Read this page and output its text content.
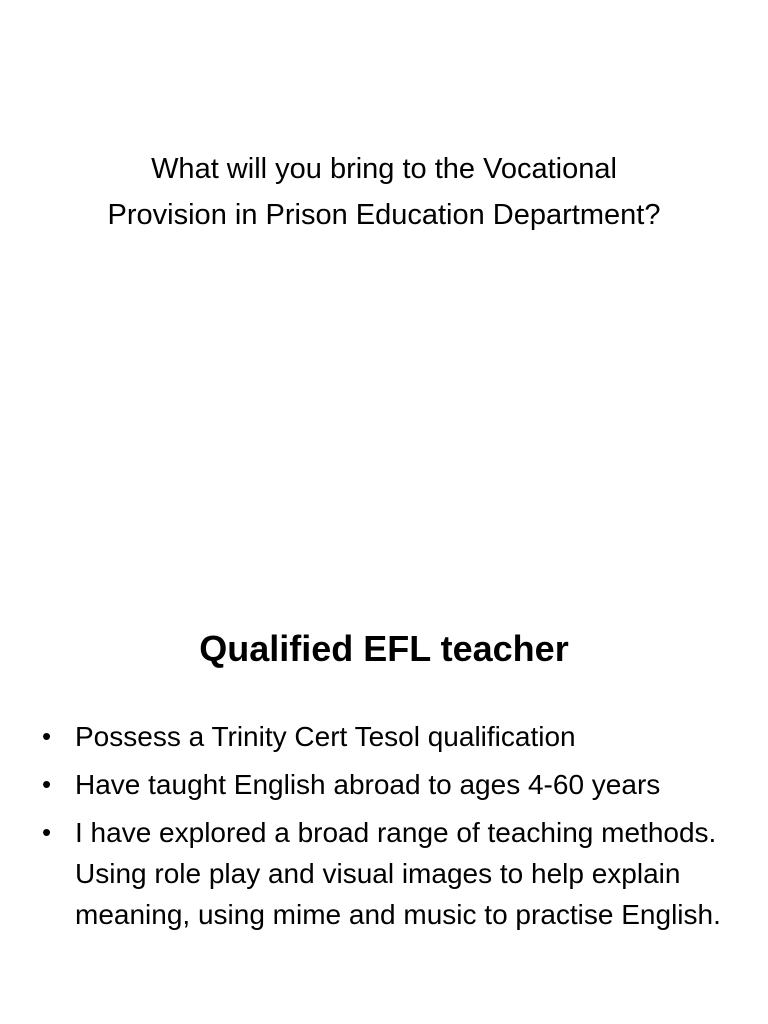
What will you bring to the Vocational
Provision in Prison Education Department?
Qualified EFL teacher
• Possess a Trinity Cert Tesol qualification
• Have taught English abroad to ages 4-60 years
• I have explored a broad range of teaching methods. Using role play and visual images to help explain meaning, using mime and music to practise English.
